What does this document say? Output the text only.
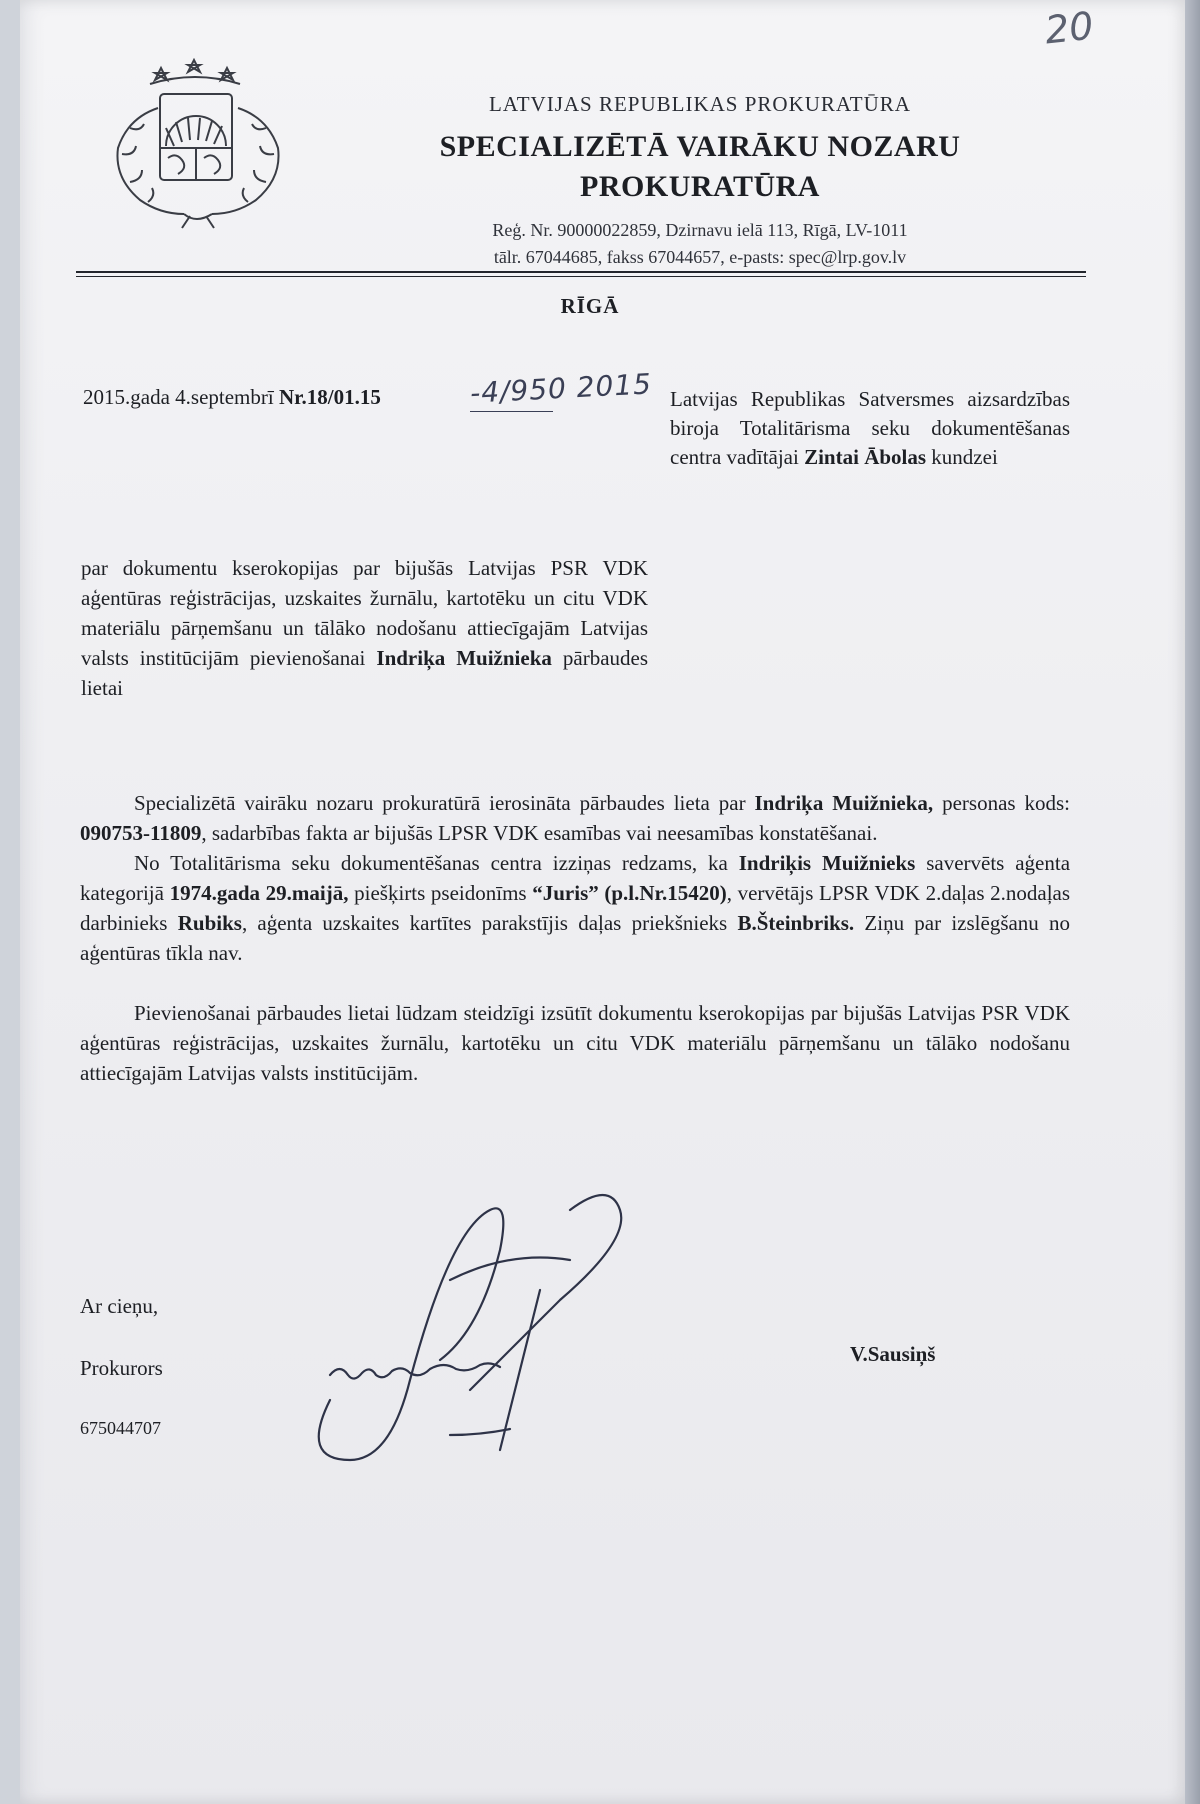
20
LATVIJAS REPUBLIKAS PROKURATŪRA
SPECIALIZĒTĀ VAIRĀKU NOZARU
PROKURATŪRA
Reģ. Nr. 90000022859, Dzirnavu ielā 113, Rīgā, LV-1011
tālr. 67044685, fakss 67044657, e-pasts: spec@lrp.gov.lv
RĪGĀ
2015.gada 4.septembrī Nr.18/01.15	-4/950 2015 Latvijas Republikas Satversmes aizsardzības biroja Totalitārisma seku dokumentēšanas centra vadītājai Zintai Ābolas kundzei
par dokumentu kserokopijas par bijušās Latvijas PSR VDK aģentūras reģistrācijas, uzskaites žurnālu, kartotēku un citu VDK materiālu pārņemšanu un tālāko nodošanu attiecīgajām Latvijas valsts institūcijām pievienošanai Indriķa Muižnieka pārbaudes lietai

Specializētā vairāku nozaru prokuratūrā ierosināta pārbaudes lieta par Indriķa Muižnieka, personas kods: 090753-11809, sadarbības fakta ar bijušās LPSR VDK esamības vai neesamības konstatēšanai.

No Totalitārisma seku dokumentēšanas centra izziņas redzams, ka Indriķis Muižnieks savervēts aģenta kategorijā 1974.gada 29.maijā, piešķirts pseidonīms “Juris” (p.l.Nr.15420), vervētājs LPSR VDK 2.daļas 2.nodaļas darbinieks Rubiks, aģenta uzskaites kartītes parakstījis daļas priekšnieks B.Šteinbriks. Ziņu par izslēgšanu no aģentūras tīkla nav.

Pievienošanai pārbaudes lietai lūdzam steidzīgi izsūtīt dokumentu kserokopijas par bijušās Latvijas PSR VDK aģentūras reģistrācijas, uzskaites žurnālu, kartotēku un citu VDK materiālu pārņemšanu un tālāko nodošanu attiecīgajām Latvijas valsts institūcijām.

Ar cieņu,
Prokurors
675044707
V.Sausiņš
